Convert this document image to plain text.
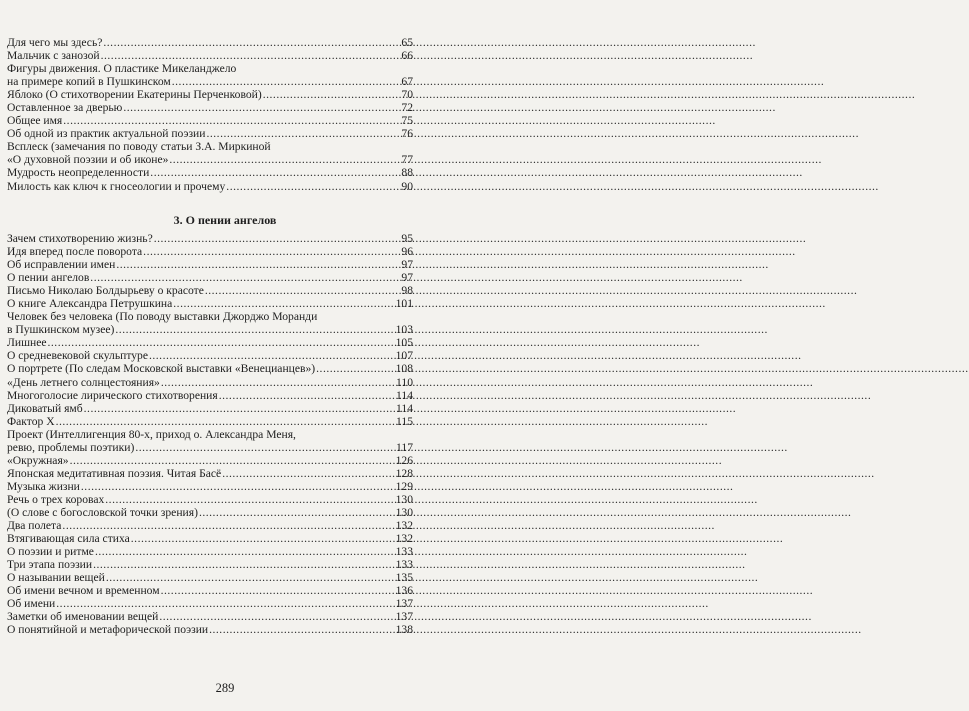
Для чего мы здесь? .....	65
Мальчик с занозой .....	66
Фигуры движения. О пластике Микеланджело
на примере копий в Пушкинском .....	67
Яблоко (О стихотворении Екатерины Перченковой) .....	70
Оставленное за дверью .....	72
Общее имя .....	75
Об одной из практик актуальной поэзии .....	76
Всплеск (замечания по поводу статьи З.А. Миркиной
«О духовной поэзии и об иконе» .....	77
Мудрость неопределенности .....	88
Милость как ключ к гносеологии и прочему .....	90
3. О пении ангелов
Зачем стихотворению жизнь? .....	95
Идя вперед после поворота .....	96
Об исправлении имен .....	97
О пении ангелов .....	97
Письмо Николаю Болдырьеву о красоте .....	98
О книге Александра Петрушкина .....	101
Человек без человека (По поводу выставки Джорджо Моранди
в Пушкинском музее) .....	103
Лишнее .....	105
О средневековой скульптуре .....	107
О портрете (По следам Московской выставки «Венецианцев») .....	108
«День летнего солнцестояния» .....	110
Многоголосие лирического стихотворения .....	114
Диковатый ямб .....	114
Фактор Х .....	115
Проект (Интеллигенция 80-х, приход о. Александра Меня,
ревю, проблемы поэтики) .....	117
«Окружная» .....	126
Японская медитативная поэзия. Читая Басё .....	128
Музыка жизни .....	129
Речь о трех коровах .....	130
(О слове с богословской точки зрения) .....	130
Два полета .....	132
Втягивающая сила стиха .....	132
О поэзии и ритме .....	133
Три этапа поэзии .....	133
О назывании вещей .....	135
Об имени вечном и временном .....	136
Об имени .....	137
Заметки об именовании вещей .....	137
О понятийной и метафорической поэзии .....	138
289
